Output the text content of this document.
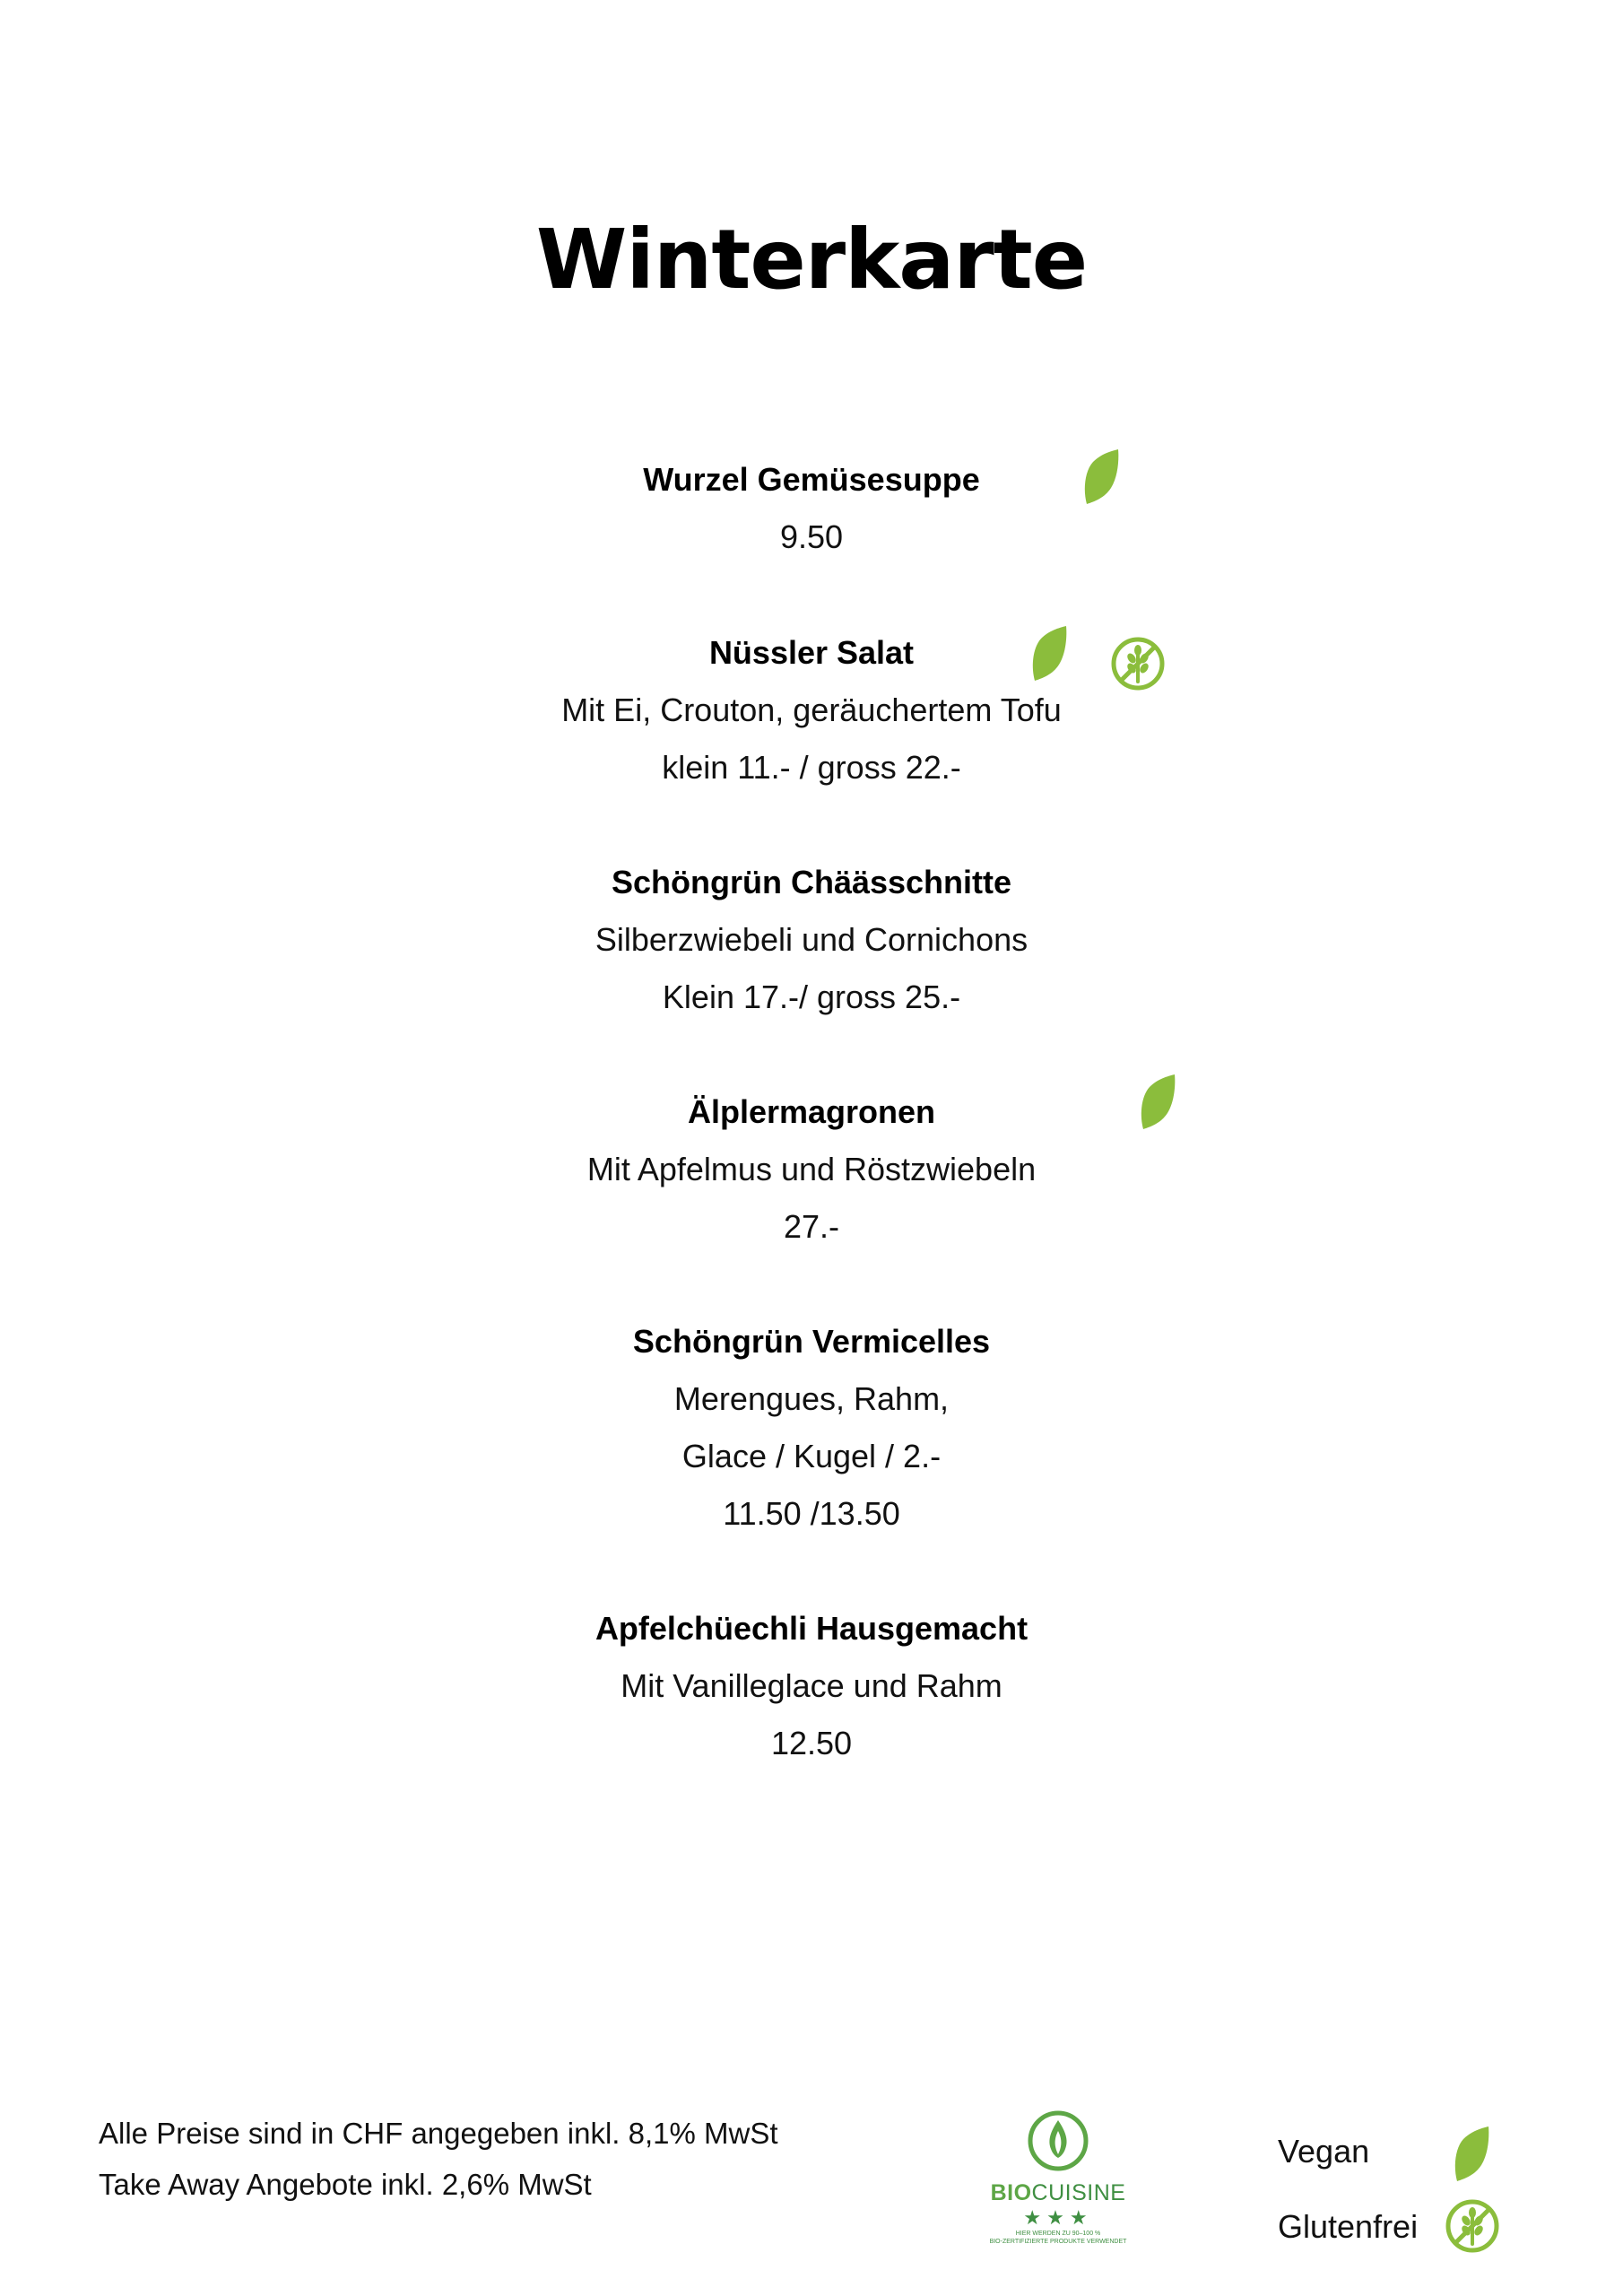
Winterkarte
Wurzel Gemüsesuppe
9.50
Nüssler Salat
Mit Ei, Crouton, geräuchertem Tofu
klein 11.- / gross 22.-
Schöngrün Chäässchnitte
Silberzwiebeli und Cornichons
Klein 17.-/ gross 25.-
Älplermagronen
Mit Apfelmus und Röstzwiebeln
27.-
Schöngrün Vermicelles
Merengues, Rahm,
Glace / Kugel / 2.-
11.50 /13.50
Apfelchüechli Hausgemacht
Mit Vanilleglace und Rahm
12.50
Alle Preise sind in CHF angegeben inkl. 8,1% MwSt
Take Away Angebote inkl. 2,6% MwSt	BIOCUISINE
★★★
HIER WERDEN ZU 90–100 %
BIO-ZERTIFIZIERTE PRODUKTE VERWENDET
Vegan
Glutenfrei
